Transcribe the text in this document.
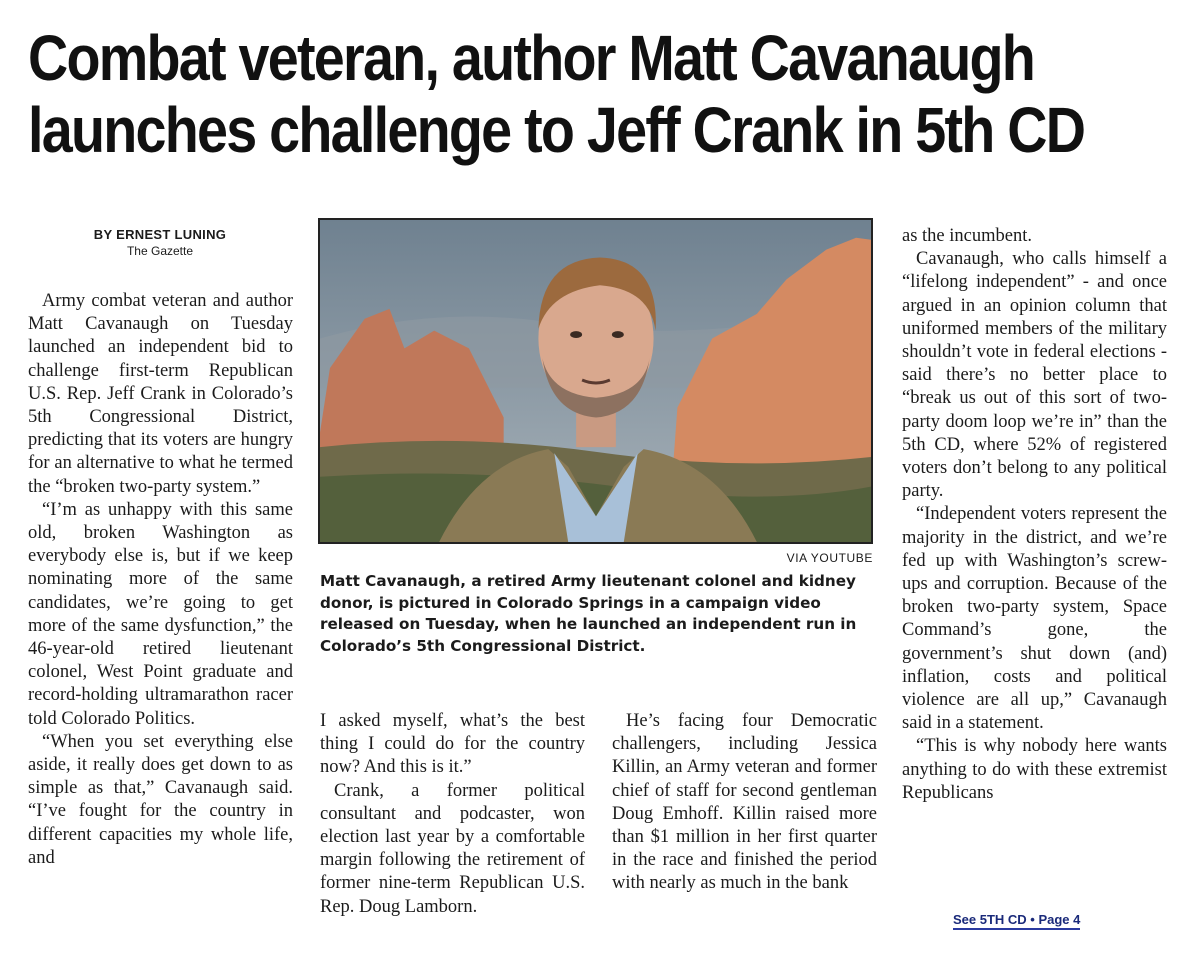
Combat veteran, author Matt Cavanaugh
launches challenge to Jeff Crank in 5th CD
BY ERNEST LUNING
The Gazette

Army combat veteran and author Matt Cavanaugh on Tuesday launched an independent bid to challenge first-term Republican U.S. Rep. Jeff Crank in Colorado’s 5th Congressional District, predicting that its voters are hungry for an alternative to what he termed the “broken two-party system.”

“I’m as unhappy with this same old, broken Washington as everybody else is, but if we keep nominating more of the same candidates, we’re going to get more of the same dysfunction,” the 46-year-old retired lieutenant colonel, West Point graduate and record-holding ultramarathon racer told Colorado Politics.

“When you set everything else aside, it really does get down to as simple as that,” Cavanaugh said. “I’ve fought for the country in different capacities my whole life, and

VIA YOUTUBE
Matt Cavanaugh, a retired Army lieutenant colonel and kidney donor, is pictured in Colorado Springs in a campaign video released on Tuesday, when he launched an independent run in Colorado’s 5th Congressional District.

I asked myself, what’s the best thing I could do for the country now? And this is it.”

Crank, a former political consultant and podcaster, won election last year by a comfortable margin following the retirement of former nine-term Republican U.S. Rep. Doug Lamborn.

He’s facing four Democratic challengers, including Jessica Killin, an Army veteran and former chief of staff for second gentleman Doug Emhoff. Killin raised more than $1 million in her first quarter in the race and finished the period with nearly as much in the bank

as the incumbent.

Cavanaugh, who calls himself a “lifelong independent” - and once argued in an opinion column that uniformed members of the military shouldn’t vote in federal elections - said there’s no better place to “break us out of this sort of two-party doom loop we’re in” than the 5th CD, where 52% of registered voters don’t belong to any political party.

“Independent voters represent the majority in the district, and we’re fed up with Washington’s screw-ups and corruption. Because of the broken two-party system, Space Command’s gone, the government’s shut down (and) inflation, costs and political violence are all up,” Cavanaugh said in a statement.

“This is why nobody here wants anything to do with these extremist Republicans

See 5TH CD • Page 4
